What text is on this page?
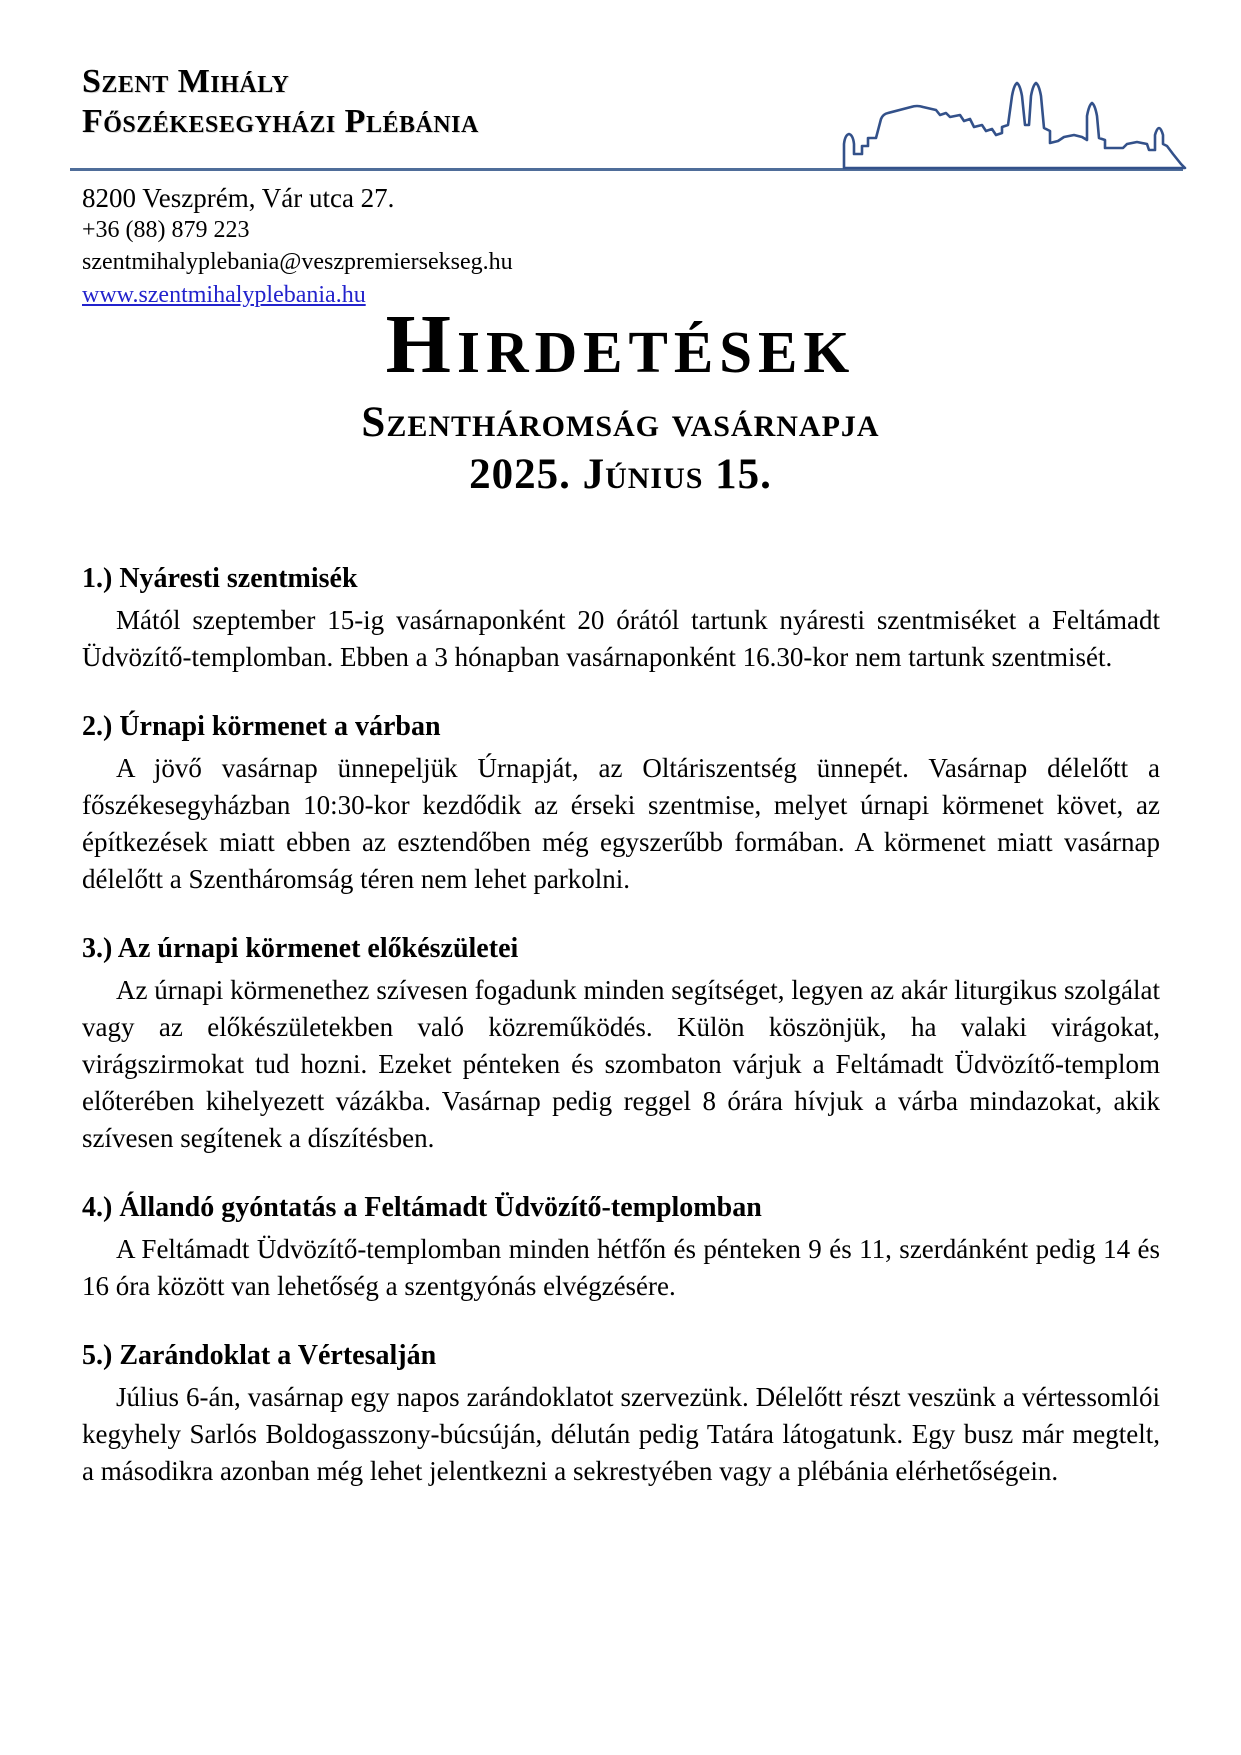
Szent Mihály
Főszékesegyházi Plébánia
8200 Veszprém, Vár utca 27.
+36 (88) 879 223
szentmihalyplebania@veszpremiersekseg.hu
www.szentmihalyplebania.hu
Hirdetések
Szentháromság vasárnapja
2025. Június 15.
1.) Nyáresti szentmisék

Mától szeptember 15-ig vasárnaponként 20 órától tartunk nyáresti szentmiséket a Feltámadt Üdvözítő-templomban. Ebben a 3 hónapban vasárnaponként 16.30-kor nem tartunk szentmisét.

2.) Úrnapi körmenet a várban

A jövő vasárnap ünnepeljük Úrnapját, az Oltáriszentség ünnepét. Vasárnap délelőtt a főszékesegyházban 10:30-kor kezdődik az érseki szentmise, melyet úrnapi körmenet követ, az építkezések miatt ebben az esztendőben még egyszerűbb formában. A körmenet miatt vasárnap délelőtt a Szentháromság téren nem lehet parkolni.

3.) Az úrnapi körmenet előkészületei

Az úrnapi körmenethez szívesen fogadunk minden segítséget, legyen az akár liturgikus szolgálat vagy az előkészületekben való közreműködés. Külön köszönjük, ha valaki virágokat, virágszirmokat tud hozni. Ezeket pénteken és szombaton várjuk a Feltámadt Üdvözítő-templom előterében kihelyezett vázákba. Vasárnap pedig reggel 8 órára hívjuk a várba mindazokat, akik szívesen segítenek a díszítésben.

4.) Állandó gyóntatás a Feltámadt Üdvözítő-templomban

A Feltámadt Üdvözítő-templomban minden hétfőn és pénteken 9 és 11, szerdánként pedig 14 és 16 óra között van lehetőség a szentgyónás elvégzésére.

5.) Zarándoklat a Vértesalján

Július 6-án, vasárnap egy napos zarándoklatot szervezünk. Délelőtt részt veszünk a vértessomlói kegyhely Sarlós Boldogasszony-búcsúján, délután pedig Tatára látogatunk. Egy busz már megtelt, a másodikra azonban még lehet jelentkezni a sekrestyében vagy a plébánia elérhetőségein.
